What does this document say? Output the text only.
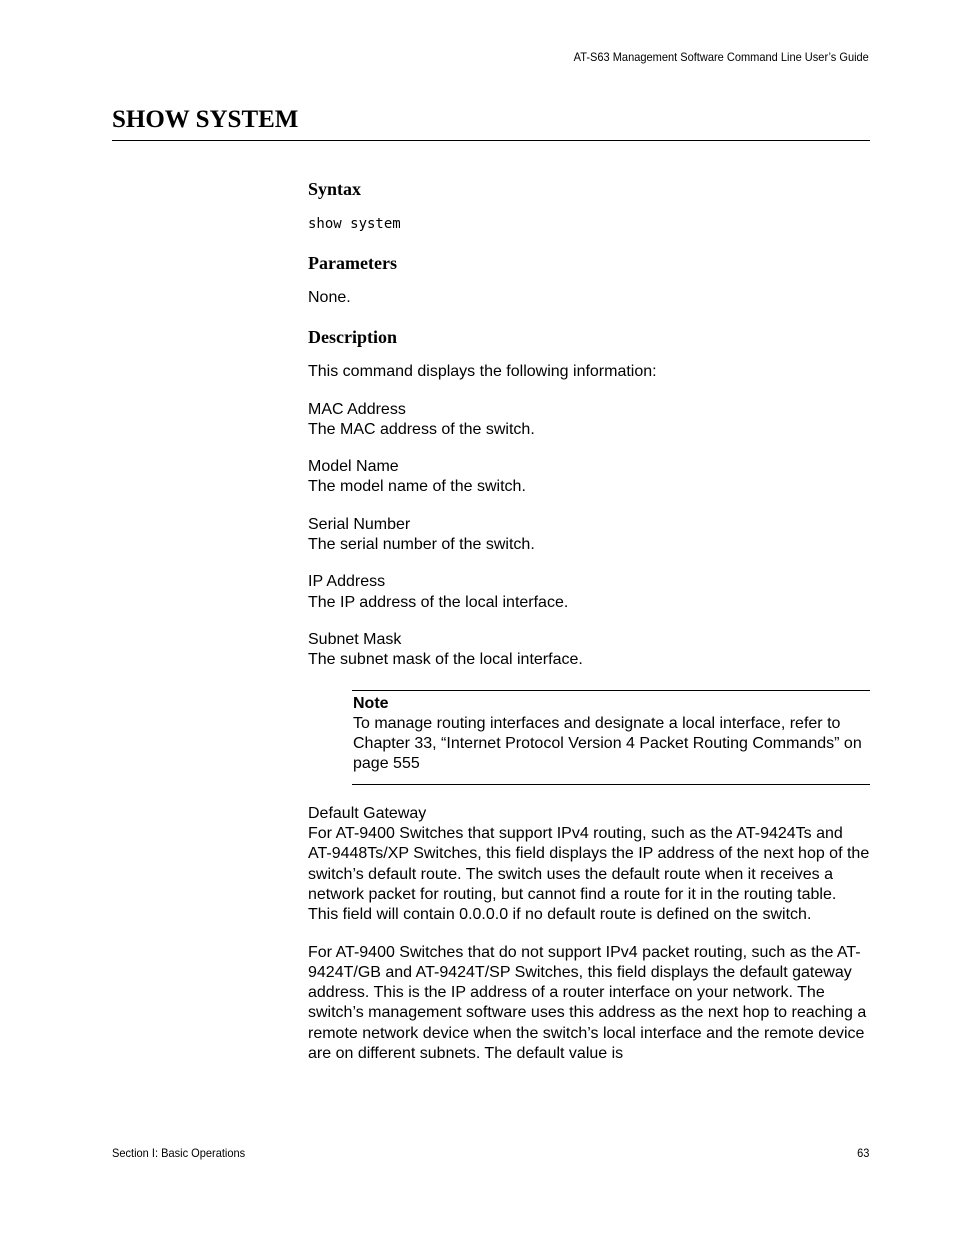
AT-S63 Management Software Command Line User’s Guide
SHOW SYSTEM
Syntax
show system
Parameters

None.

Description

This command displays the following information:

MAC Address
The MAC address of the switch.
Model Name
The model name of the switch.
Serial Number
The serial number of the switch.
IP Address
The IP address of the local interface.
Subnet Mask
The subnet mask of the local interface.
Note
To manage routing interfaces and designate a local interface, refer to Chapter 33, “Internet Protocol Version 4 Packet Routing Commands” on page 555
Default Gateway
For AT-9400 Switches that support IPv4 routing, such as the AT-9424Ts and AT-9448Ts/XP Switches, this field displays the IP address of the next hop of the switch’s default route. The switch uses the default route when it receives a network packet for routing, but cannot find a route for it in the routing table. This field will contain 0.0.0.0 if no default route is defined on the switch.
For AT-9400 Switches that do not support IPv4 packet routing, such as the AT-9424T/GB and AT-9424T/SP Switches, this field displays the default gateway address. This is the IP address of a router interface on your network. The switch’s management software uses this address as the next hop to reaching a remote network device when the switch’s local interface and the remote device are on different subnets. The default value is
Section I: Basic Operations	63
